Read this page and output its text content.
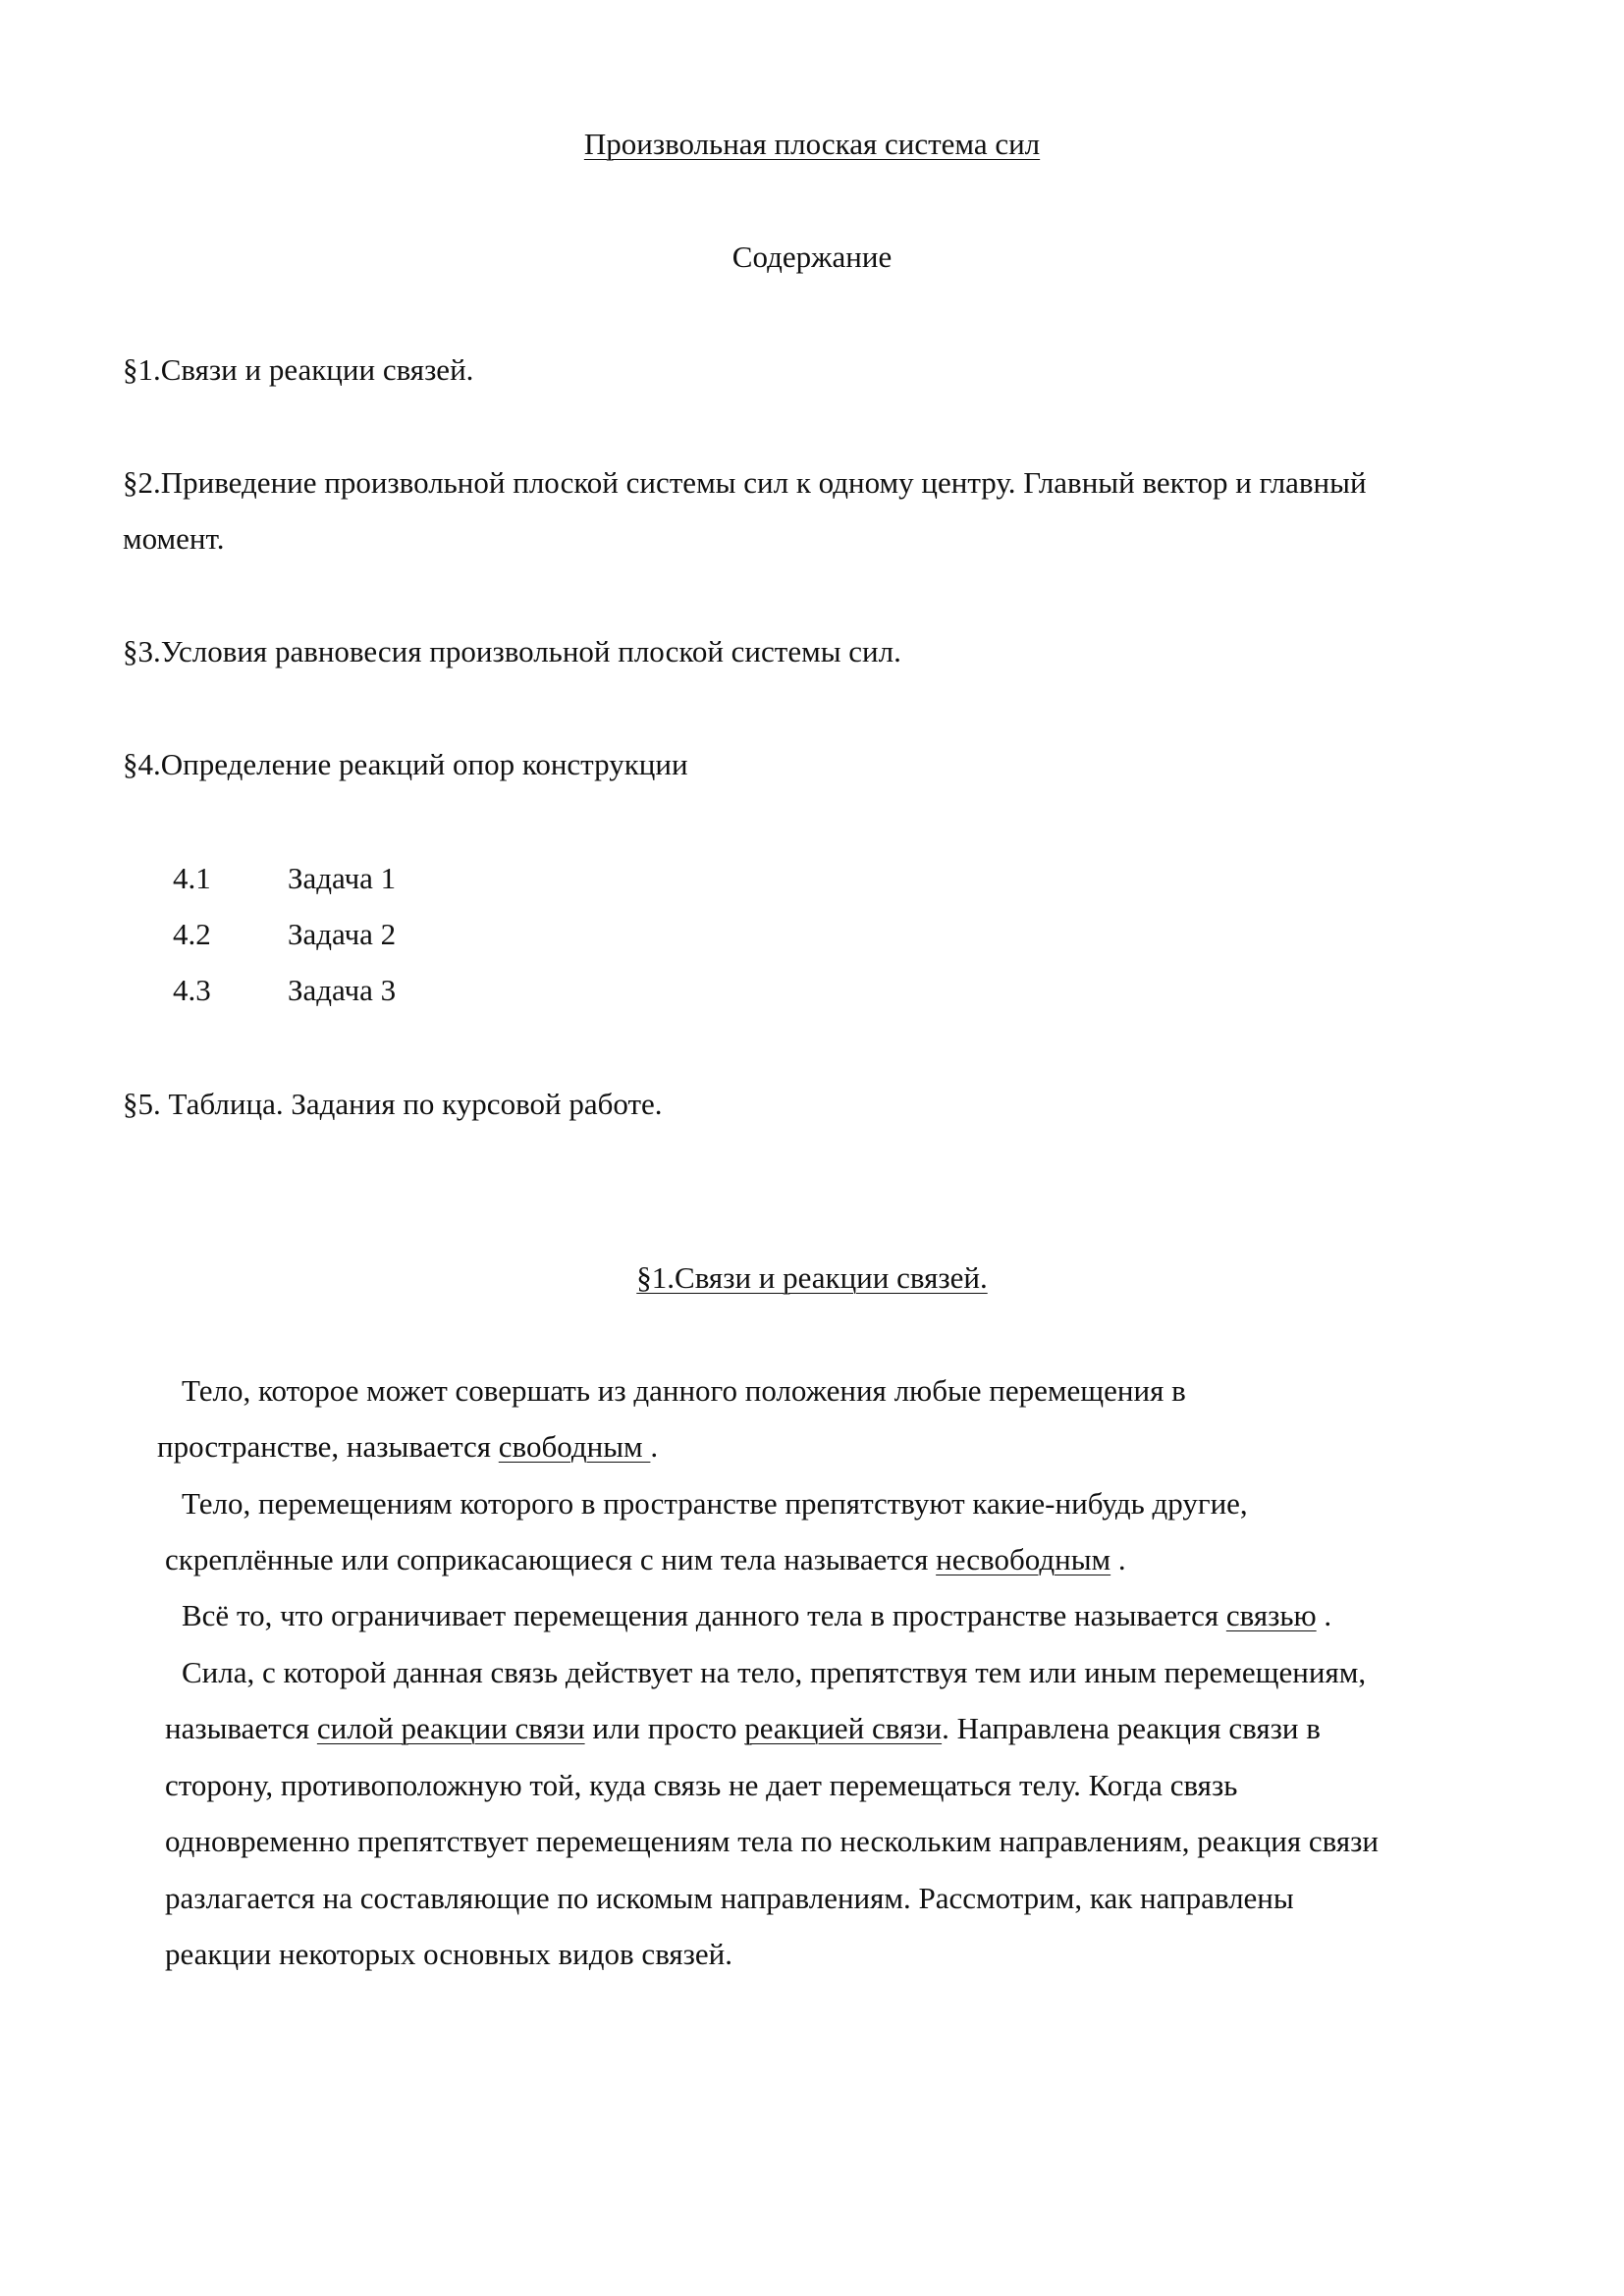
Произвольная плоская система сил
Содержание
§1.Связи и реакции связей.
§2.Приведение произвольной плоской системы сил к одному центру. Главный вектор и главный
момент.
§3.Условия равновесия произвольной плоской системы сил.
§4.Определение реакций опор конструкции
4.1	Задача 1
4.2	Задача 2
4.3	Задача 3
§5. Таблица. Задания по курсовой работе.
§1.Связи и реакции связей.
Тело, которое может совершать из данного положения любые перемещения в
пространстве, называется свободным .
Тело, перемещениям которого в пространстве препятствуют какие-нибудь другие,
скреплённые или соприкасающиеся с ним тела называется несвободным .
Всё то, что ограничивает перемещения данного тела в пространстве называется связью .
Сила, с которой данная связь действует на тело, препятствуя тем или иным перемещениям,
называется силой реакции связи или просто реакцией связи. Направлена реакция связи в
сторону, противоположную той, куда связь не дает перемещаться телу. Когда связь
одновременно препятствует перемещениям тела по нескольким направлениям, реакция связи
разлагается на составляющие по искомым направлениям. Рассмотрим, как направлены
реакции некоторых основных видов связей.
